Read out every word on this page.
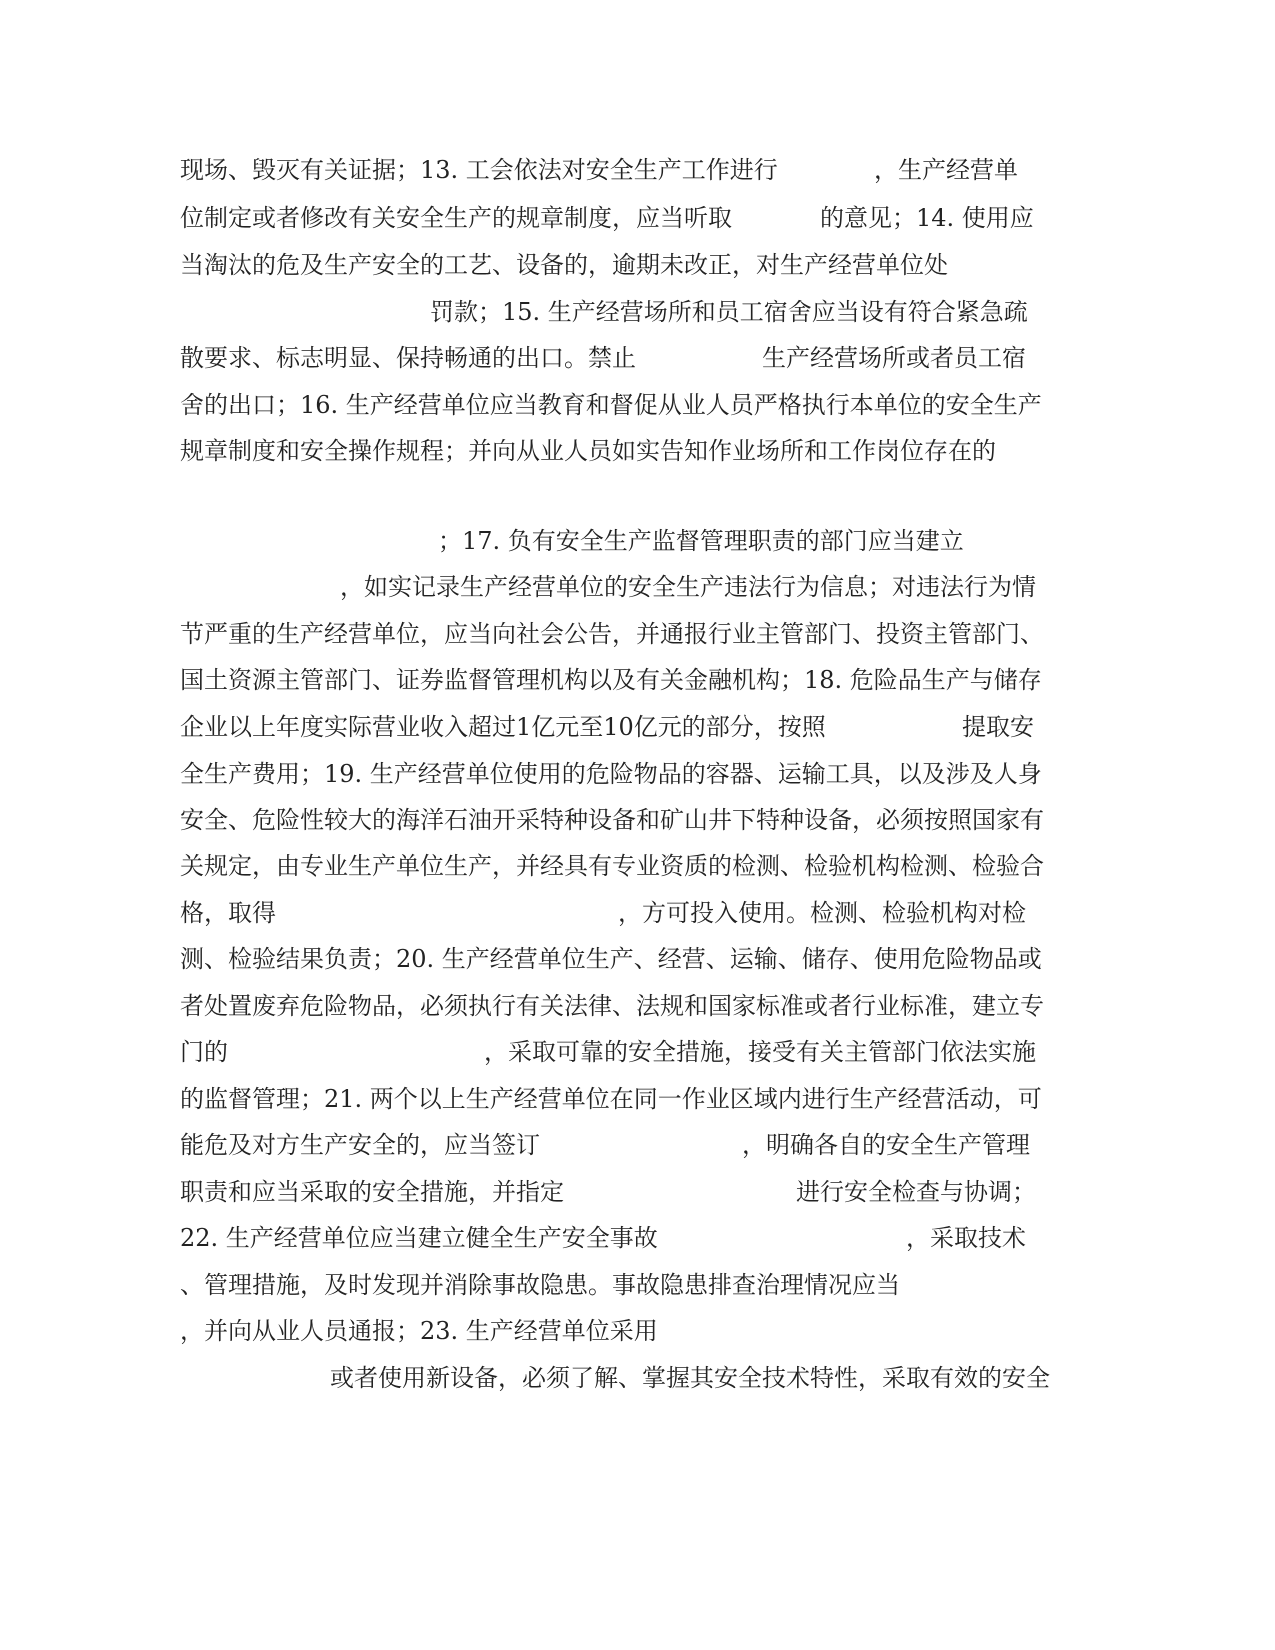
现场、毁灭有关证据；13. 工会依法对安全生产工作进行	，生产经营单
位制定或者修改有关安全生产的规章制度，应当听取	的意见；14. 使用应
当淘汰的危及生产安全的工艺、设备的，逾期未改正，对生产经营单位处
罚款；15. 生产经营场所和员工宿舍应当设有符合紧急疏
散要求、标志明显、保持畅通的出口。禁止	生产经营场所或者员工宿
舍的出口；16. 生产经营单位应当教育和督促从业人员严格执行本单位的安全生产
规章制度和安全操作规程；并向从业人员如实告知作业场所和工作岗位存在的
；17. 负有安全生产监督管理职责的部门应当建立
，如实记录生产经营单位的安全生产违法行为信息；对违法行为情
节严重的生产经营单位，应当向社会公告，并通报行业主管部门、投资主管部门、
国土资源主管部门、证券监督管理机构以及有关金融机构；18. 危险品生产与储存
企业以上年度实际营业收入超过1亿元至10亿元的部分，按照	提取安
全生产费用；19. 生产经营单位使用的危险物品的容器、运输工具，以及涉及人身
安全、危险性较大的海洋石油开采特种设备和矿山井下特种设备，必须按照国家有
关规定，由专业生产单位生产，并经具有专业资质的检测、检验机构检测、检验合
格，取得	，方可投入使用。检测、检验机构对检
测、检验结果负责；20. 生产经营单位生产、经营、运输、储存、使用危险物品或
者处置废弃危险物品，必须执行有关法律、法规和国家标准或者行业标准，建立专
门的	，采取可靠的安全措施，接受有关主管部门依法实施
的监督管理；21. 两个以上生产经营单位在同一作业区域内进行生产经营活动，可
能危及对方生产安全的，应当签订	，明确各自的安全生产管理
职责和应当采取的安全措施，并指定	进行安全检查与协调；
22. 生产经营单位应当建立健全生产安全事故	，采取技术
、管理措施，及时发现并消除事故隐患。事故隐患排查治理情况应当
，并向从业人员通报；23. 生产经营单位采用
或者使用新设备，必须了解、掌握其安全技术特性，采取有效的安全
